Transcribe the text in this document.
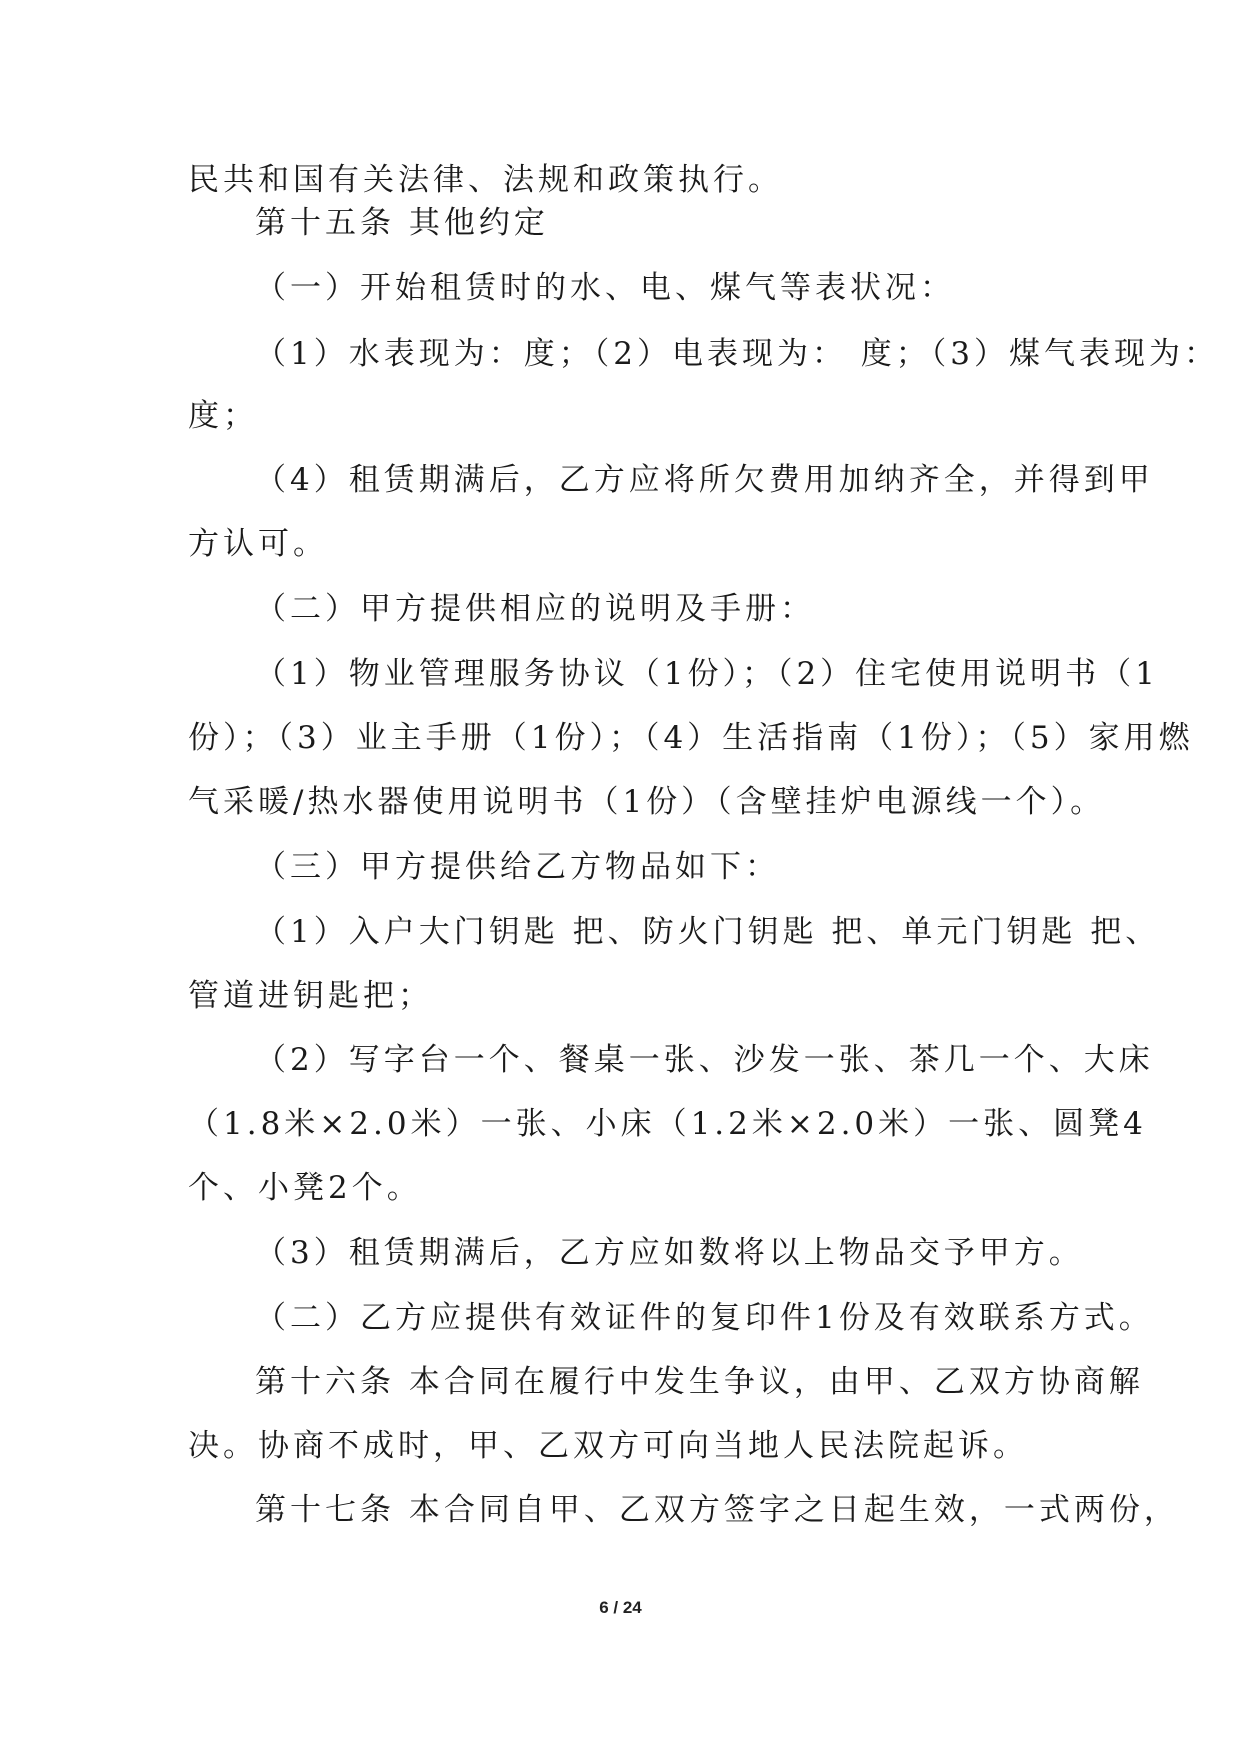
民共和国有关法律、法规和政策执行。
第十五条 其他约定
（一）开始租赁时的水、电、煤气等表状况：
（1）水表现为：度；（2）电表现为： 度；（3）煤气表现为：
度；
（4）租赁期满后，乙方应将所欠费用加纳齐全，并得到甲
方认可。
（二）甲方提供相应的说明及手册：
（1）物业管理服务协议（1份）；（2）住宅使用说明书（1
份）；（3）业主手册（1份）；（4）生活指南（1份）；（5）家用燃
气采暖/热水器使用说明书（1份）（含壁挂炉电源线一个）。
（三）甲方提供给乙方物品如下：
（1）入户大门钥匙 把、防火门钥匙 把、单元门钥匙 把、
管道进钥匙把；
（2）写字台一个、餐桌一张、沙发一张、茶几一个、大床
（1.8米×2.0米）一张、小床（1.2米×2.0米）一张、圆凳4
个、小凳2个。
（3）租赁期满后，乙方应如数将以上物品交予甲方。
（二）乙方应提供有效证件的复印件1份及有效联系方式。
第十六条 本合同在履行中发生争议，由甲、乙双方协商解
决。协商不成时，甲、乙双方可向当地人民法院起诉。
第十七条 本合同自甲、乙双方签字之日起生效，一式两份，
6 / 24
